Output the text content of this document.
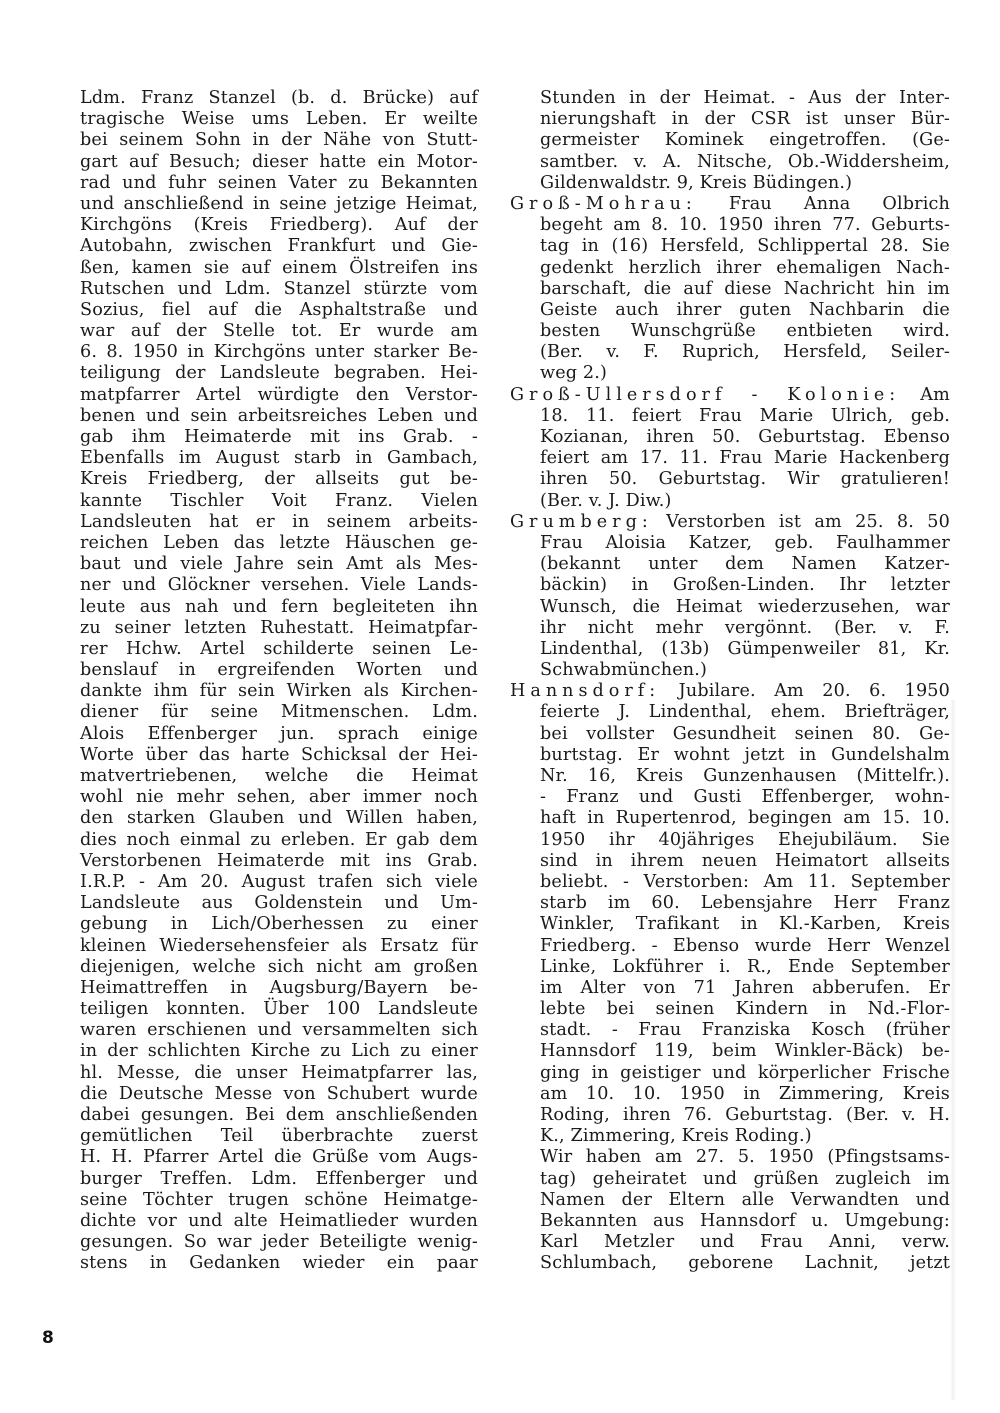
Ldm. Franz Stanzel (b. d. Brücke) auf
tragische Weise ums Leben. Er weilte
bei seinem Sohn in der Nähe von Stutt-
gart auf Besuch; dieser hatte ein Motor-
rad und fuhr seinen Vater zu Bekannten
und anschließend in seine jetzige Heimat,
Kirchgöns (Kreis Friedberg). Auf der
Autobahn, zwischen Frankfurt und Gie-
ßen, kamen sie auf einem Ölstreifen ins
Rutschen und Ldm. Stanzel stürzte vom
Sozius, fiel auf die Asphaltstraße und
war auf der Stelle tot. Er wurde am
6. 8. 1950 in Kirchgöns unter starker Be-
teiligung der Landsleute begraben. Hei-
matpfarrer Artel würdigte den Verstor-
benen und sein arbeitsreiches Leben und
gab ihm Heimaterde mit ins Grab. -
Ebenfalls im August starb in Gambach,
Kreis Friedberg, der allseits gut be-
kannte Tischler Voit Franz. Vielen
Landsleuten hat er in seinem arbeits-
reichen Leben das letzte Häuschen ge-
baut und viele Jahre sein Amt als Mes-
ner und Glöckner versehen. Viele Lands-
leute aus nah und fern begleiteten ihn
zu seiner letzten Ruhestatt. Heimatpfar-
rer Hchw. Artel schilderte seinen Le-
benslauf in ergreifenden Worten und
dankte ihm für sein Wirken als Kirchen-
diener für seine Mitmenschen. Ldm.
Alois Effenberger jun. sprach einige
Worte über das harte Schicksal der Hei-
matvertriebenen, welche die Heimat
wohl nie mehr sehen, aber immer noch
den starken Glauben und Willen haben,
dies noch einmal zu erleben. Er gab dem
Verstorbenen Heimaterde mit ins Grab.
I.R.P. - Am 20. August trafen sich viele
Landsleute aus Goldenstein und Um-
gebung in Lich/Oberhessen zu einer
kleinen Wiedersehensfeier als Ersatz für
diejenigen, welche sich nicht am großen
Heimattreffen in Augsburg/Bayern be-
teiligen konnten. Über 100 Landsleute
waren erschienen und versammelten sich
in der schlichten Kirche zu Lich zu einer
hl. Messe, die unser Heimatpfarrer las,
die Deutsche Messe von Schubert wurde
dabei gesungen. Bei dem anschließenden
gemütlichen Teil überbrachte zuerst
H. H. Pfarrer Artel die Grüße vom Augs-
burger Treffen. Ldm. Effenberger und
seine Töchter trugen schöne Heimatge-
dichte vor und alte Heimatlieder wurden
gesungen. So war jeder Beteiligte wenig-
stens in Gedanken wieder ein paar
Stunden in der Heimat. - Aus der Inter-
nierungshaft in der CSR ist unser Bür-
germeister Kominek eingetroffen. (Ge-
samtber. v. A. Nitsche, Ob.-Widdersheim,
Gildenwaldstr. 9, Kreis Büdingen.)
Groß-Mohrau: Frau Anna Olbrich
begeht am 8. 10. 1950 ihren 77. Geburts-
tag in (16) Hersfeld, Schlippertal 28. Sie
gedenkt herzlich ihrer ehemaligen Nach-
barschaft, die auf diese Nachricht hin im
Geiste auch ihrer guten Nachbarin die
besten Wunschgrüße entbieten wird.
(Ber. v. F. Ruprich, Hersfeld, Seiler-
weg 2.)
Groß-Ullersdorf - Kolonie: Am
18. 11. feiert Frau Marie Ulrich, geb.
Kozianan, ihren 50. Geburtstag. Ebenso
feiert am 17. 11. Frau Marie Hackenberg
ihren 50. Geburtstag. Wir gratulieren!
(Ber. v. J. Diw.)
Grumberg: Verstorben ist am 25. 8. 50
Frau Aloisia Katzer, geb. Faulhammer
(bekannt unter dem Namen Katzer-
bäckin) in Großen-Linden. Ihr letzter
Wunsch, die Heimat wiederzusehen, war
ihr nicht mehr vergönnt. (Ber. v. F.
Lindenthal, (13b) Gümpenweiler 81, Kr.
Schwabmünchen.)
Hannsdorf: Jubilare. Am 20. 6. 1950
feierte J. Lindenthal, ehem. Briefträger,
bei vollster Gesundheit seinen 80. Ge-
burtstag. Er wohnt jetzt in Gundelshalm
Nr. 16, Kreis Gunzenhausen (Mittelfr.).
- Franz und Gusti Effenberger, wohn-
haft in Rupertenrod, begingen am 15. 10.
1950 ihr 40jähriges Ehejubiläum. Sie
sind in ihrem neuen Heimatort allseits
beliebt. - Verstorben: Am 11. September
starb im 60. Lebensjahre Herr Franz
Winkler, Trafikant in Kl.-Karben, Kreis
Friedberg. - Ebenso wurde Herr Wenzel
Linke, Lokführer i. R., Ende September
im Alter von 71 Jahren abberufen. Er
lebte bei seinen Kindern in Nd.-Flor-
stadt. - Frau Franziska Kosch (früher
Hannsdorf 119, beim Winkler-Bäck) be-
ging in geistiger und körperlicher Frische
am 10. 10. 1950 in Zimmering, Kreis
Roding, ihren 76. Geburtstag. (Ber. v. H.
K., Zimmering, Kreis Roding.)
Wir haben am 27. 5. 1950 (Pfingstsams-
tag) geheiratet und grüßen zugleich im
Namen der Eltern alle Verwandten und
Bekannten aus Hannsdorf u. Umgebung:
Karl Metzler und Frau Anni, verw.
Schlumbach, geborene Lachnit, jetzt
8
